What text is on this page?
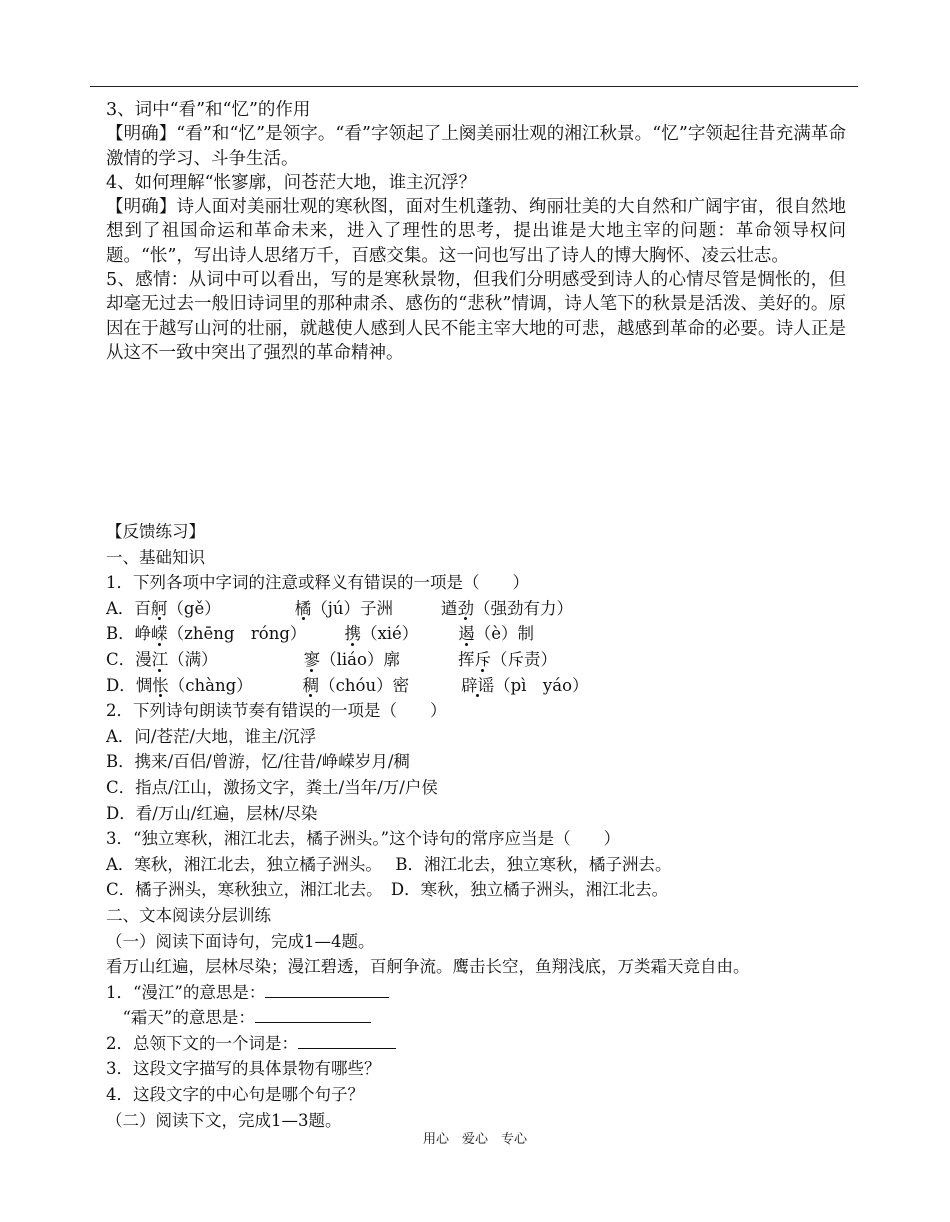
3、词中“看”和“忆”的作用

【明确】“看”和“忆”是领字。“看”字领起了上阕美丽壮观的湘江秋景。“忆”字领起往昔充满革命激情的学习、斗争生活。

4、如何理解“怅寥廓，问苍茫大地，谁主沉浮？

【明确】诗人面对美丽壮观的寒秋图，面对生机蓬勃、绚丽壮美的大自然和广阔宇宙，很自然地想到了祖国命运和革命未来，进入了理性的思考，提出谁是大地主宰的问题：革命领导权问题。“怅”，写出诗人思绪万千，百感交集。这一问也写出了诗人的博大胸怀、凌云壮志。

5、感情：从词中可以看出，写的是寒秋景物，但我们分明感受到诗人的心情尽管是惆怅的，但却毫无过去一般旧诗词里的那种肃杀、感伤的“悲秋”情调，诗人笔下的秋景是活泼、美好的。原因在于越写山河的壮丽，就越使人感到人民不能主宰大地的可悲，越感到革命的必要。诗人正是从这不一致中突出了强烈的革命精神。

【反馈练习】

一、基础知识

1．下列各项中字词的注意或释义有错误的一项是（　　）

A．百舸（gě）	橘（jú）子洲	遒劲（强劲有力）

B．峥嵘（zhēng　róng） 携（xié） 遏（è）制

C．漫江（满）	寥（liáo）廓	挥斥（斥责）

D．惆怅（chàng）	稠（chóu）密	辟谣（pì　yáo）

2．下列诗句朗读节奏有错误的一项是（　　）

A．问/苍茫/大地，谁主/沉浮

B．携来/百侣/曾游，忆/往昔/峥嵘岁月/稠

C．指点/江山，激扬文字，粪土/当年/万/户侯

D．看/万山/红遍，层林/尽染

3．“独立寒秋，湘江北去，橘子洲头。”这个诗句的常序应当是（　　）

A．寒秋，湘江北去，独立橘子洲头。　 B．湘江北去，独立寒秋，橘子洲去。

C．橘子洲头，寒秋独立，湘江北去。　D．寒秋，独立橘子洲头，湘江北去。

二、文本阅读分层训练

（一）阅读下面诗句，完成1—4题。

看万山红遍，层林尽染；漫江碧透，百舸争流。鹰击长空，鱼翔浅底，万类霜天竞自由。

1．“漫江”的意思是：

　“霜天”的意思是：

2．总领下文的一个词是：

3．这段文字描写的具体景物有哪些？

4．这段文字的中心句是哪个句子？

（二）阅读下文，完成1—3题。

用心　爱心　专心
